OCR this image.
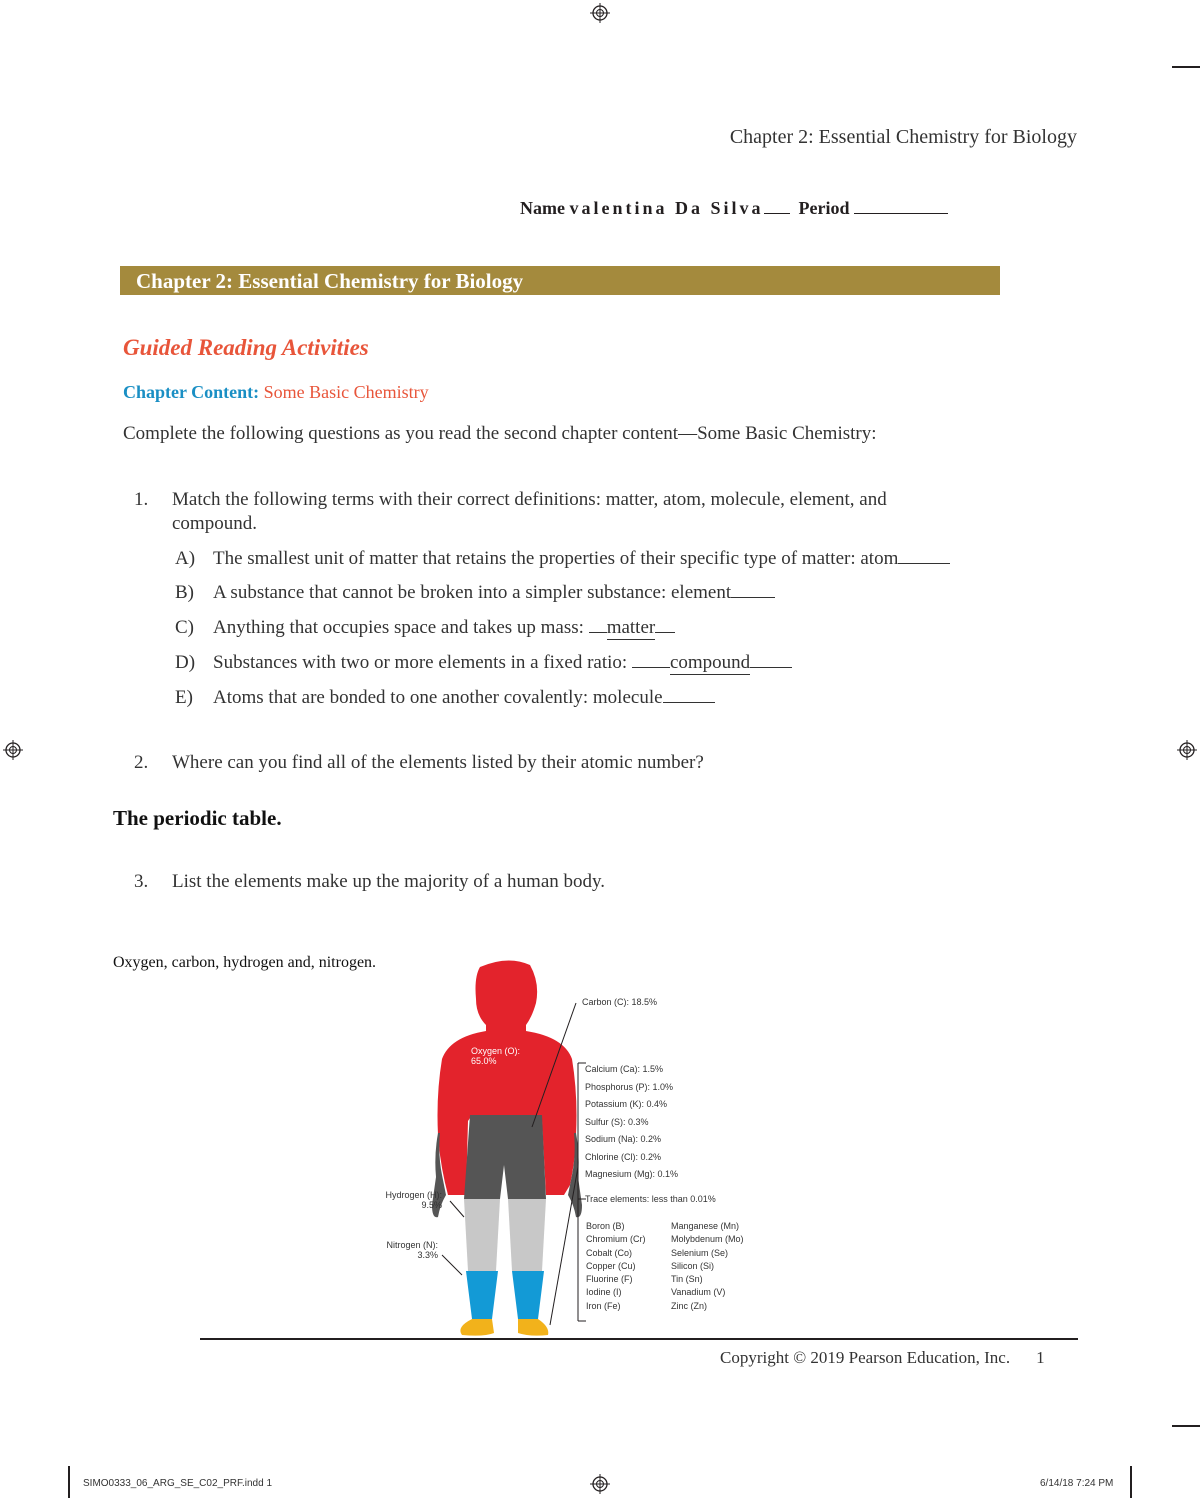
Chapter 2: Essential Chemistry for Biology
Name valentina Da Silva Period
Chapter 2: Essential Chemistry for Biology
Guided Reading Activities
Chapter Content: Some Basic Chemistry
Complete the following questions as you read the second chapter content—Some Basic Chemistry:
1. Match the following terms with their correct definitions: matter, atom, molecule, element, and
compound.
A) The smallest unit of matter that retains the properties of their specific type of matter: atom
B) A substance that cannot be broken into a simpler substance: element
C) Anything that occupies space and takes up mass: matter
D) Substances with two or more elements in a fixed ratio: compound
E) Atoms that are bonded to one another covalently: molecule
2. Where can you find all of the elements listed by their atomic number?
The periodic table.
3. List the elements make up the majority of a human body.
Oxygen, carbon, hydrogen and, nitrogen.
Oxygen (O):
65.0%
Carbon (C): 18.5%
Hydrogen (H):
9.5%
Nitrogen (N):
3.3%
Calcium (Ca): 1.5%
Phosphorus (P): 1.0%
Potassium (K): 0.4%
Sulfur (S): 0.3%
Sodium (Na): 0.2%
Chlorine (Cl): 0.2%
Magnesium (Mg): 0.1%
Trace elements: less than 0.01%
Boron (B)
Chromium (Cr)
Cobalt (Co)
Copper (Cu)
Fluorine (F)
Iodine (I)
Iron (Fe)
Manganese (Mn)
Molybdenum (Mo)
Selenium (Se)
Silicon (Si)
Tin (Sn)
Vanadium (V)
Zinc (Zn)
Copyright © 2019 Pearson Education, Inc. 1
SIMO0333_06_ARG_SE_C02_PRF.indd 1	6/14/18 7:24 PM
